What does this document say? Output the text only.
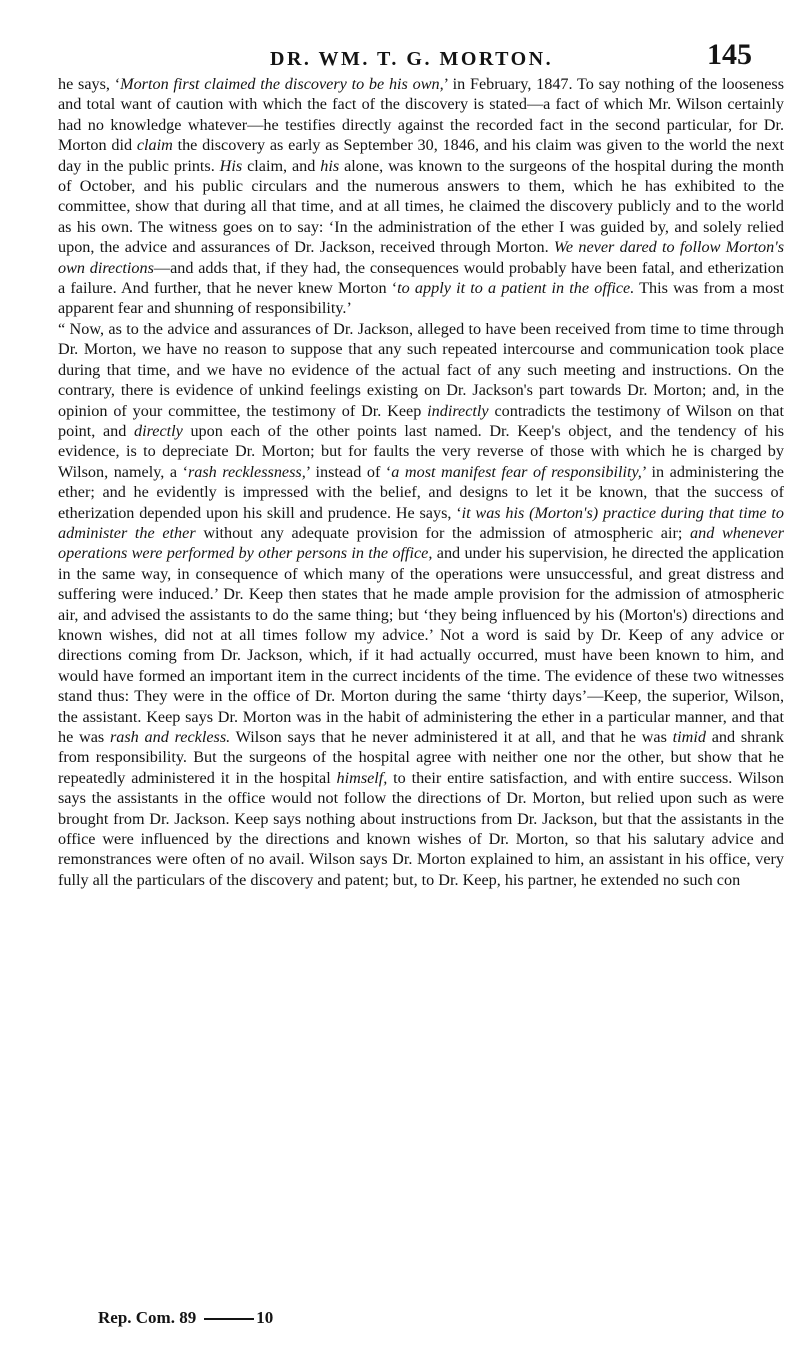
DR. WM. T. G. MORTON.	145

he says, ‘Morton first claimed the discovery to be his own,’ in February, 1847. To say nothing of the looseness and total want of caution with which the fact of the discovery is stated—a fact of which Mr. Wilson certainly had no knowledge whatever—he testifies directly against the recorded fact in the second particular, for Dr. Morton did claim the discovery as early as September 30, 1846, and his claim was given to the world the next day in the public prints. His claim, and his alone, was known to the surgeons of the hospital during the month of October, and his public circulars and the numerous answers to them, which he has exhibited to the committee, show that during all that time, and at all times, he claimed the discovery publicly and to the world as his own. The witness goes on to say: ‘In the administration of the ether I was guided by, and solely relied upon, the advice and assurances of Dr. Jackson, received through Morton. We never dared to follow Morton's own directions—and adds that, if they had, the consequences would probably have been fatal, and etherization a failure. And further, that he never knew Morton ‘to apply it to a patient in the office. This was from a most apparent fear and shunning of responsibility.’

“ Now, as to the advice and assurances of Dr. Jackson, alleged to have been received from time to time through Dr. Morton, we have no reason to suppose that any such repeated intercourse and communication took place during that time, and we have no evidence of the actual fact of any such meeting and instructions. On the contrary, there is evidence of unkind feelings existing on Dr. Jackson's part towards Dr. Morton; and, in the opinion of your committee, the testimony of Dr. Keep indirectly contradicts the testimony of Wilson on that point, and directly upon each of the other points last named. Dr. Keep's object, and the tendency of his evidence, is to depreciate Dr. Morton; but for faults the very reverse of those with which he is charged by Wilson, namely, a ‘rash recklessness,’ instead of ‘a most manifest fear of responsibility,’ in administering the ether; and he evidently is impressed with the belief, and designs to let it be known, that the success of etherization depended upon his skill and prudence. He says, ‘it was his (Morton's) practice during that time to administer the ether without any adequate provision for the admission of atmospheric air; and whenever operations were performed by other persons in the office, and under his supervision, he directed the application in the same way, in consequence of which many of the operations were unsuccessful, and great distress and suffering were induced.’ Dr. Keep then states that he made ample provision for the admission of atmospheric air, and advised the assistants to do the same thing; but ‘they being influenced by his (Morton's) directions and known wishes, did not at all times follow my advice.’ Not a word is said by Dr. Keep of any advice or directions coming from Dr. Jackson, which, if it had actually occurred, must have been known to him, and would have formed an important item in the currect incidents of the time. The evidence of these two witnesses stand thus: They were in the office of Dr. Morton during the same ‘thirty days’—Keep, the superior, Wilson, the assistant. Keep says Dr. Morton was in the habit of administering the ether in a particular manner, and that he was rash and reckless. Wilson says that he never administered it at all, and that he was timid and shrank from responsibility. But the surgeons of the hospital agree with neither one nor the other, but show that he repeatedly administered it in the hospital himself, to their entire satisfaction, and with entire success. Wilson says the assistants in the office would not follow the directions of Dr. Morton, but relied upon such as were brought from Dr. Jackson. Keep says nothing about instructions from Dr. Jackson, but that the assistants in the office were influenced by the directions and known wishes of Dr. Morton, so that his salutary advice and remonstrances were often of no avail. Wilson says Dr. Morton explained to him, an assistant in his office, very fully all the particulars of the discovery and patent; but, to Dr. Keep, his partner, he extended no such con

Rep. Com. 89	10
